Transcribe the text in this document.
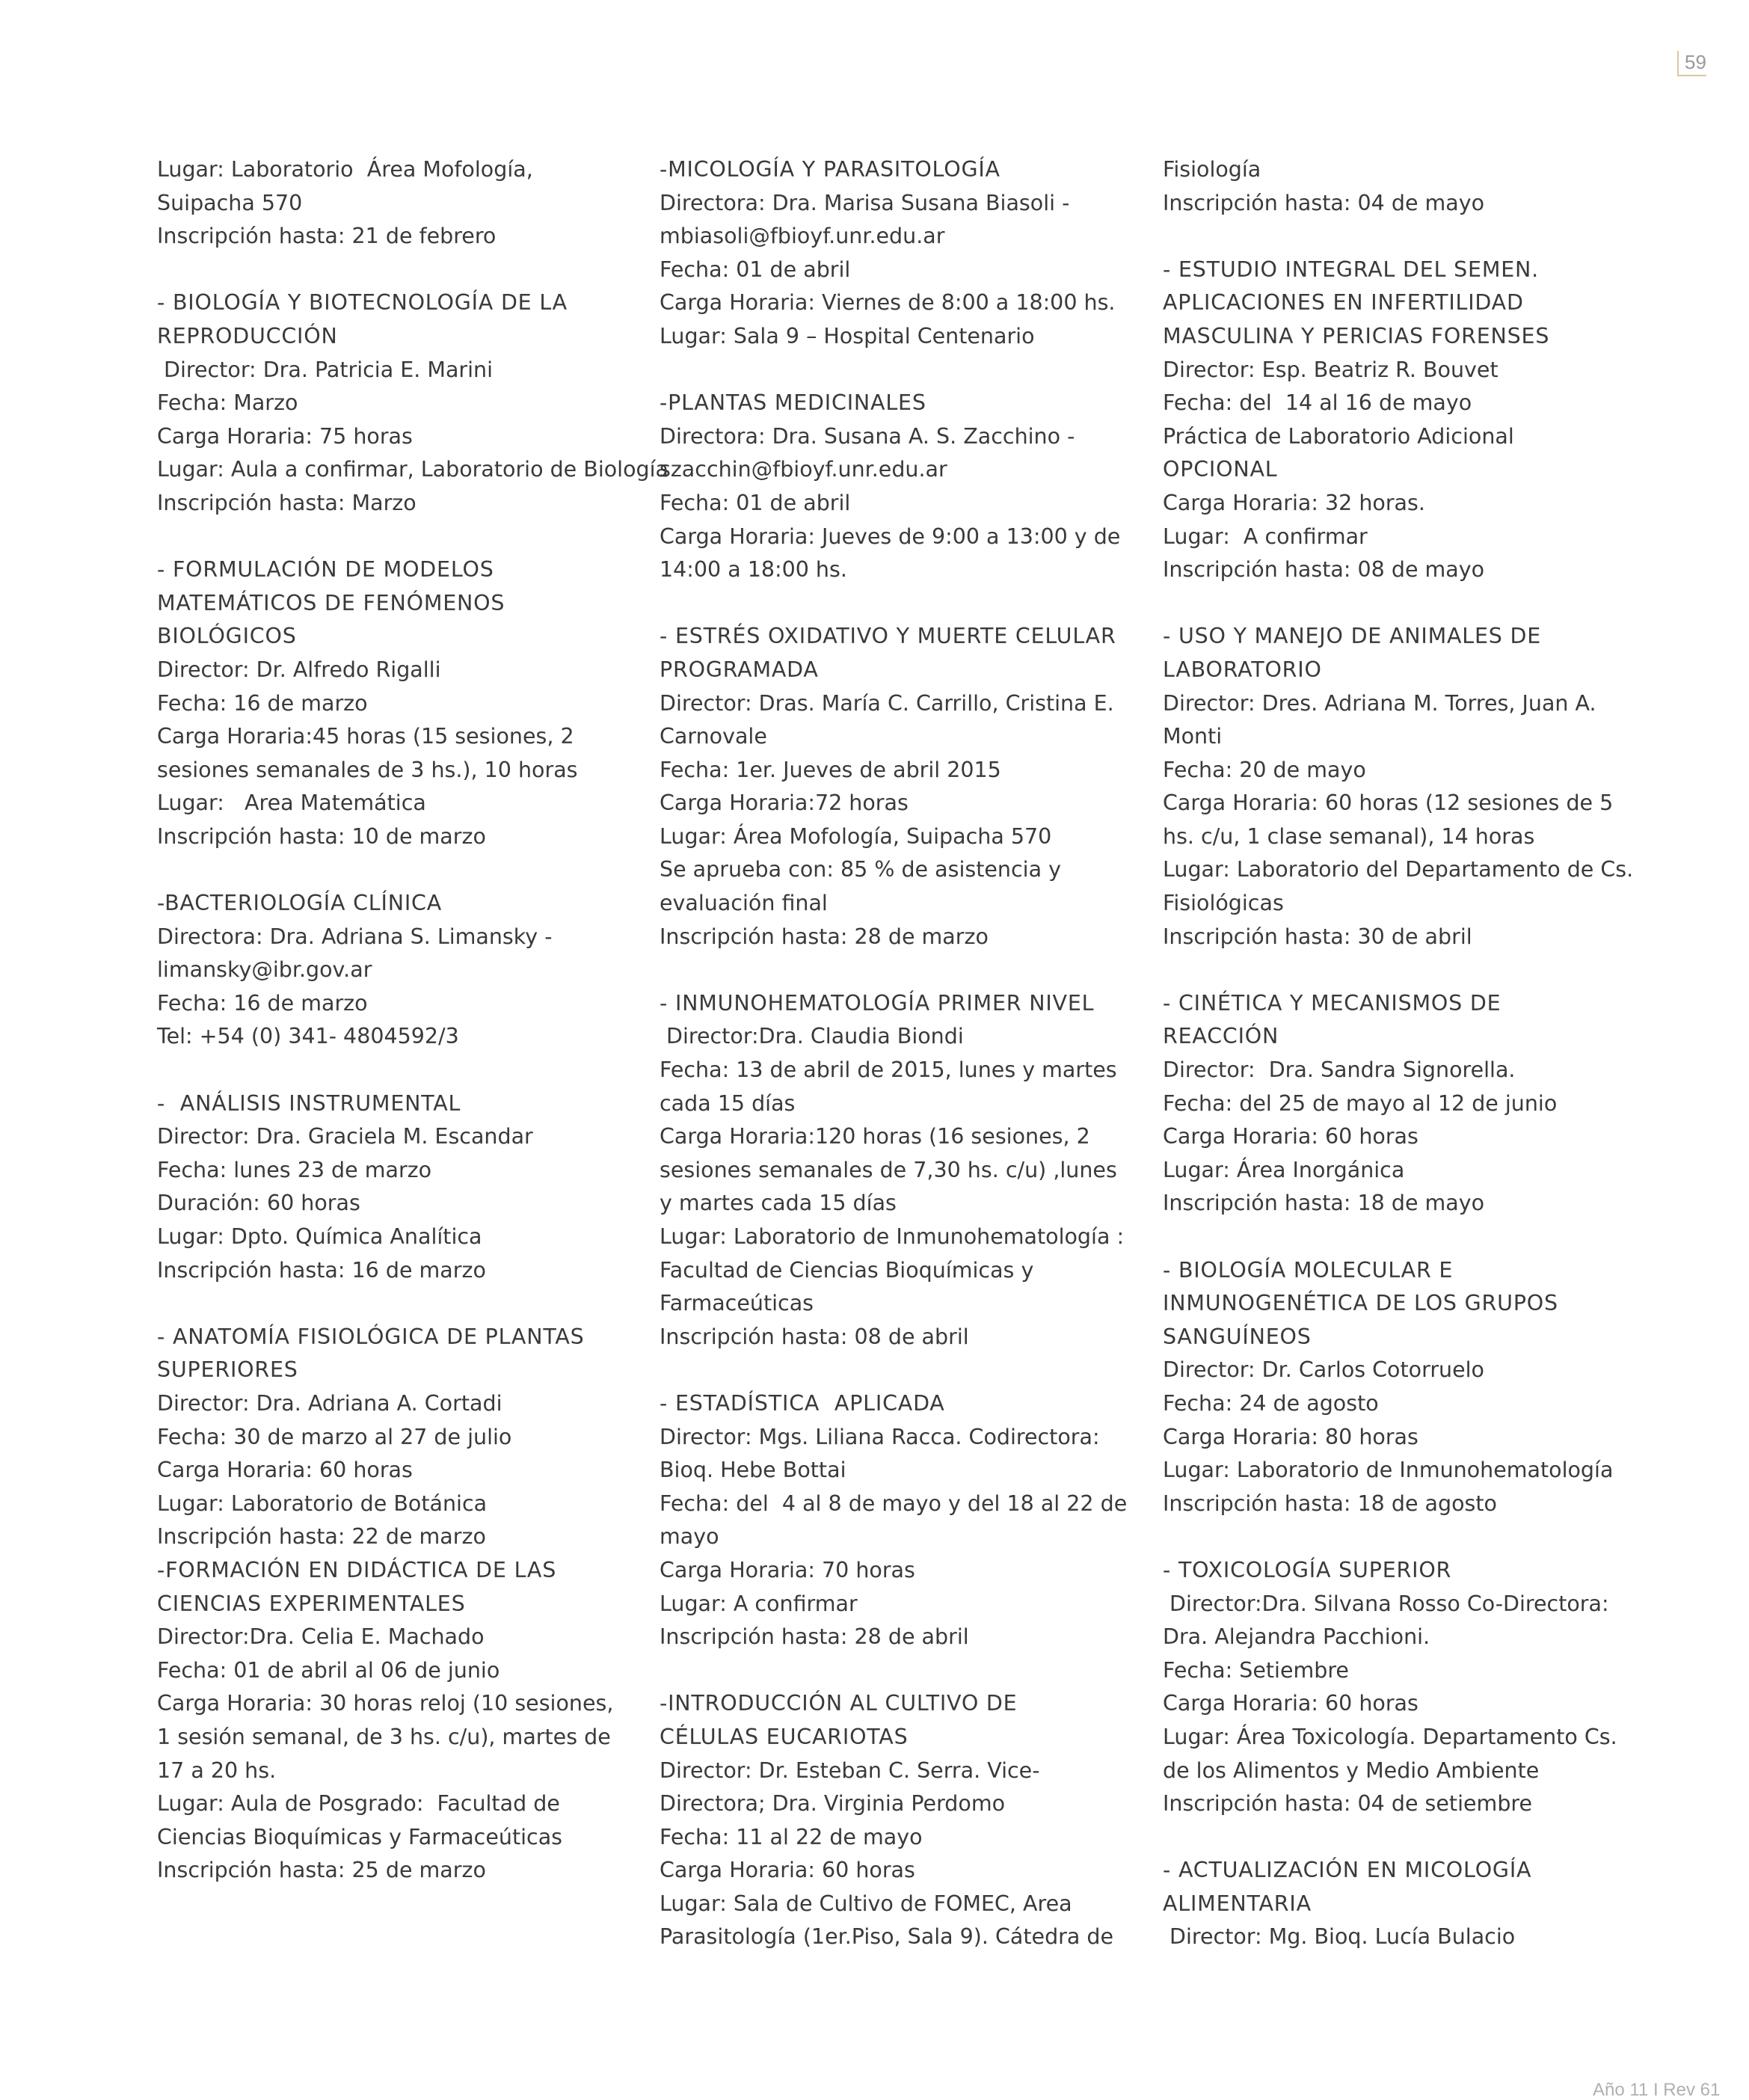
59
Lugar: Laboratorio  Área Mofología,
Suipacha 570
Inscripción hasta: 21 de febrero
- BIOLOGÍA Y BIOTECNOLOGÍA DE LA
REPRODUCCIÓN
Director: Dra. Patricia E. Marini
Fecha: Marzo
Carga Horaria: 75 horas
Lugar: Aula a confirmar, Laboratorio de Biología
Inscripción hasta: Marzo
- FORMULACIÓN DE MODELOS
MATEMÁTICOS DE FENÓMENOS
BIOLÓGICOS
Director: Dr. Alfredo Rigalli
Fecha: 16 de marzo
Carga Horaria:45 horas (15 sesiones, 2
sesiones semanales de 3 hs.), 10 horas
Lugar:   Area Matemática
Inscripción hasta: 10 de marzo
-BACTERIOLOGÍA CLÍNICA
Directora: Dra. Adriana S. Limansky -
limansky@ibr.gov.ar
Fecha: 16 de marzo
Tel: +54 (0) 341- 4804592/3
-  ANÁLISIS INSTRUMENTAL
Director: Dra. Graciela M. Escandar
Fecha: lunes 23 de marzo
Duración: 60 horas
Lugar: Dpto. Química Analítica
Inscripción hasta: 16 de marzo
- ANATOMÍA FISIOLÓGICA DE PLANTAS
SUPERIORES
Director: Dra. Adriana A. Cortadi
Fecha: 30 de marzo al 27 de julio
Carga Horaria: 60 horas
Lugar: Laboratorio de Botánica
Inscripción hasta: 22 de marzo
-FORMACIÓN EN DIDÁCTICA DE LAS
CIENCIAS EXPERIMENTALES
Director:Dra. Celia E. Machado
Fecha: 01 de abril al 06 de junio
Carga Horaria: 30 horas reloj (10 sesiones,
1 sesión semanal, de 3 hs. c/u), martes de
17 a 20 hs.
Lugar: Aula de Posgrado:  Facultad de
Ciencias Bioquímicas y Farmaceúticas
Inscripción hasta: 25 de marzo
-MICOLOGÍA Y PARASITOLOGÍA
Directora: Dra. Marisa Susana Biasoli -
mbiasoli@fbioyf.unr.edu.ar
Fecha: 01 de abril
Carga Horaria: Viernes de 8:00 a 18:00 hs.
Lugar: Sala 9 – Hospital Centenario
-PLANTAS MEDICINALES
Directora: Dra. Susana A. S. Zacchino -
szacchin@fbioyf.unr.edu.ar
Fecha: 01 de abril
Carga Horaria: Jueves de 9:00 a 13:00 y de
14:00 a 18:00 hs.
- ESTRÉS OXIDATIVO Y MUERTE CELULAR
PROGRAMADA
Director: Dras. María C. Carrillo, Cristina E.
Carnovale
Fecha: 1er. Jueves de abril 2015
Carga Horaria:72 horas
Lugar: Área Mofología, Suipacha 570
Se aprueba con: 85 % de asistencia y
evaluación final
Inscripción hasta: 28 de marzo
- INMUNOHEMATOLOGÍA PRIMER NIVEL
Director:Dra. Claudia Biondi
Fecha: 13 de abril de 2015, lunes y martes
cada 15 días
Carga Horaria:120 horas (16 sesiones, 2
sesiones semanales de 7,30 hs. c/u) ,lunes
y martes cada 15 días
Lugar: Laboratorio de Inmunohematología :
Facultad de Ciencias Bioquímicas y
Farmaceúticas
Inscripción hasta: 08 de abril
- ESTADÍSTICA  APLICADA
Director: Mgs. Liliana Racca. Codirectora:
Bioq. Hebe Bottai
Fecha: del  4 al 8 de mayo y del 18 al 22 de
mayo
Carga Horaria: 70 horas
Lugar: A confirmar
Inscripción hasta: 28 de abril
-INTRODUCCIÓN AL CULTIVO DE
CÉLULAS EUCARIOTAS
Director: Dr. Esteban C. Serra. Vice-
Directora; Dra. Virginia Perdomo
Fecha: 11 al 22 de mayo
Carga Horaria: 60 horas
Lugar: Sala de Cultivo de FOMEC, Area
Parasitología (1er.Piso, Sala 9). Cátedra de
Fisiología
Inscripción hasta: 04 de mayo
- ESTUDIO INTEGRAL DEL SEMEN.
APLICACIONES EN INFERTILIDAD
MASCULINA Y PERICIAS FORENSES
Director: Esp. Beatriz R. Bouvet
Fecha: del  14 al 16 de mayo
Práctica de Laboratorio Adicional
OPCIONAL
Carga Horaria: 32 horas.
Lugar:  A confirmar
Inscripción hasta: 08 de mayo
- USO Y MANEJO DE ANIMALES DE
LABORATORIO
Director: Dres. Adriana M. Torres, Juan A.
Monti
Fecha: 20 de mayo
Carga Horaria: 60 horas (12 sesiones de 5
hs. c/u, 1 clase semanal), 14 horas
Lugar: Laboratorio del Departamento de Cs.
Fisiológicas
Inscripción hasta: 30 de abril
- CINÉTICA Y MECANISMOS DE
REACCIÓN
Director:  Dra. Sandra Signorella.
Fecha: del 25 de mayo al 12 de junio
Carga Horaria: 60 horas
Lugar: Área Inorgánica
Inscripción hasta: 18 de mayo
- BIOLOGÍA MOLECULAR E
INMUNOGENÉTICA DE LOS GRUPOS
SANGUÍNEOS
Director: Dr. Carlos Cotorruelo
Fecha: 24 de agosto
Carga Horaria: 80 horas
Lugar: Laboratorio de Inmunohematología
Inscripción hasta: 18 de agosto
- TOXICOLOGÍA SUPERIOR
Director:Dra. Silvana Rosso Co-Directora:
Dra. Alejandra Pacchioni.
Fecha: Setiembre
Carga Horaria: 60 horas
Lugar: Área Toxicología. Departamento Cs.
de los Alimentos y Medio Ambiente
Inscripción hasta: 04 de setiembre
- ACTUALIZACIÓN EN MICOLOGÍA
ALIMENTARIA
Director: Mg. Bioq. Lucía Bulacio
Año 11 I Rev 61
